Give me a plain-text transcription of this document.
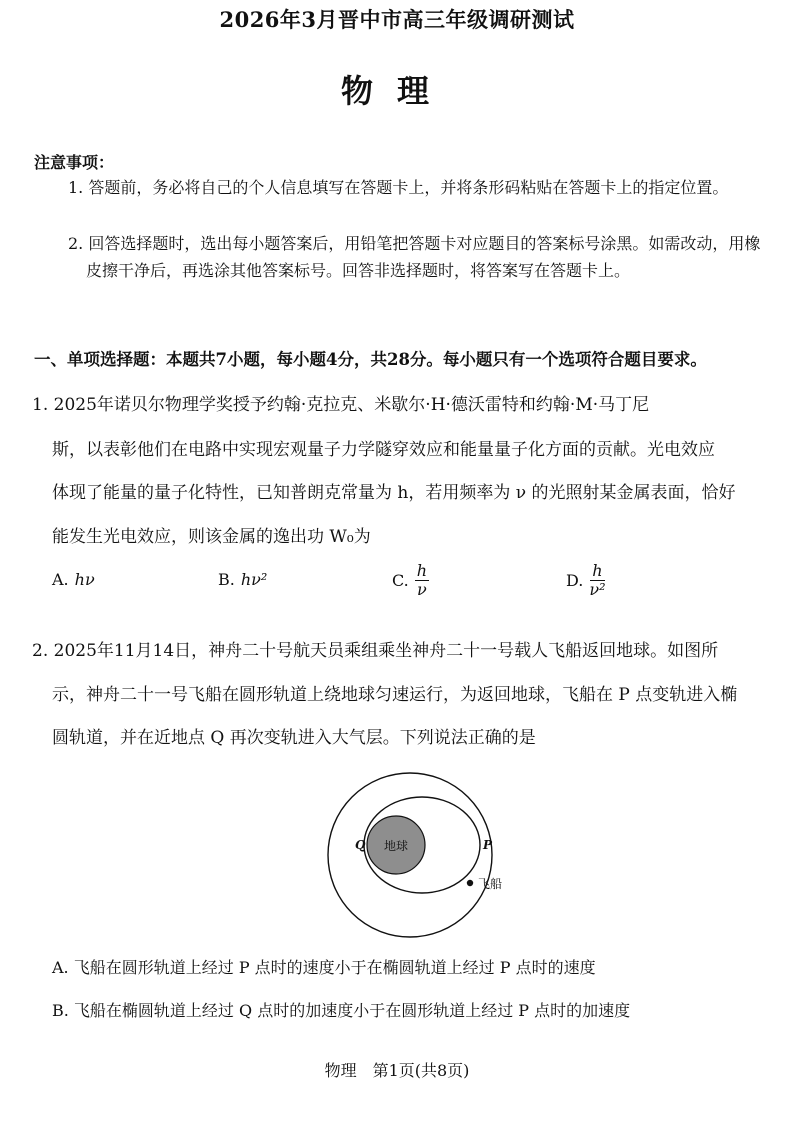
2026年3月晋中市高三年级调研测试
物理
注意事项：
1. 答题前，务必将自己的个人信息填写在答题卡上，并将条形码粘贴在答题卡上的指定位置。
2. 回答选择题时，选出每小题答案后，用铅笔把答题卡对应题目的答案标号涂黑。如需改动，用橡皮擦干净后，再选涂其他答案标号。回答非选择题时，将答案写在答题卡上。
一、单项选择题：本题共7小题，每小题4分，共28分。每小题只有一个选项符合题目要求。
1. 2025年诺贝尔物理学奖授予约翰·克拉克、米歇尔·H·德沃雷特和约翰·M·马丁尼
斯，以表彰他们在电路中实现宏观量子力学隧穿效应和能量量子化方面的贡献。光电效应
体现了能量的量子化特性，已知普朗克常量为 h，若用频率为 ν 的光照射某金属表面，恰好
能发生光电效应，则该金属的逸出功 W₀为
A. hν	B. hν²	C. $\frac{h}{\nu}$	D. $\frac{h}{\text{ν²}}$
2. 2025年11月14日，神舟二十号航天员乘组乘坐神舟二十一号载人飞船返回地球。如图所
示，神舟二十一号飞船在圆形轨道上绕地球匀速运行，为返回地球，飞船在 P 点变轨进入椭
圆轨道，并在近地点 Q 再次变轨进入大气层。下列说法正确的是
地球
Q	P
飞船
A. 飞船在圆形轨道上经过 P 点时的速度小于在椭圆轨道上经过 P 点时的速度
B. 飞船在椭圆轨道上经过 Q 点时的加速度小于在圆形轨道上经过 P 点时的加速度
物理　第1页(共8页)
